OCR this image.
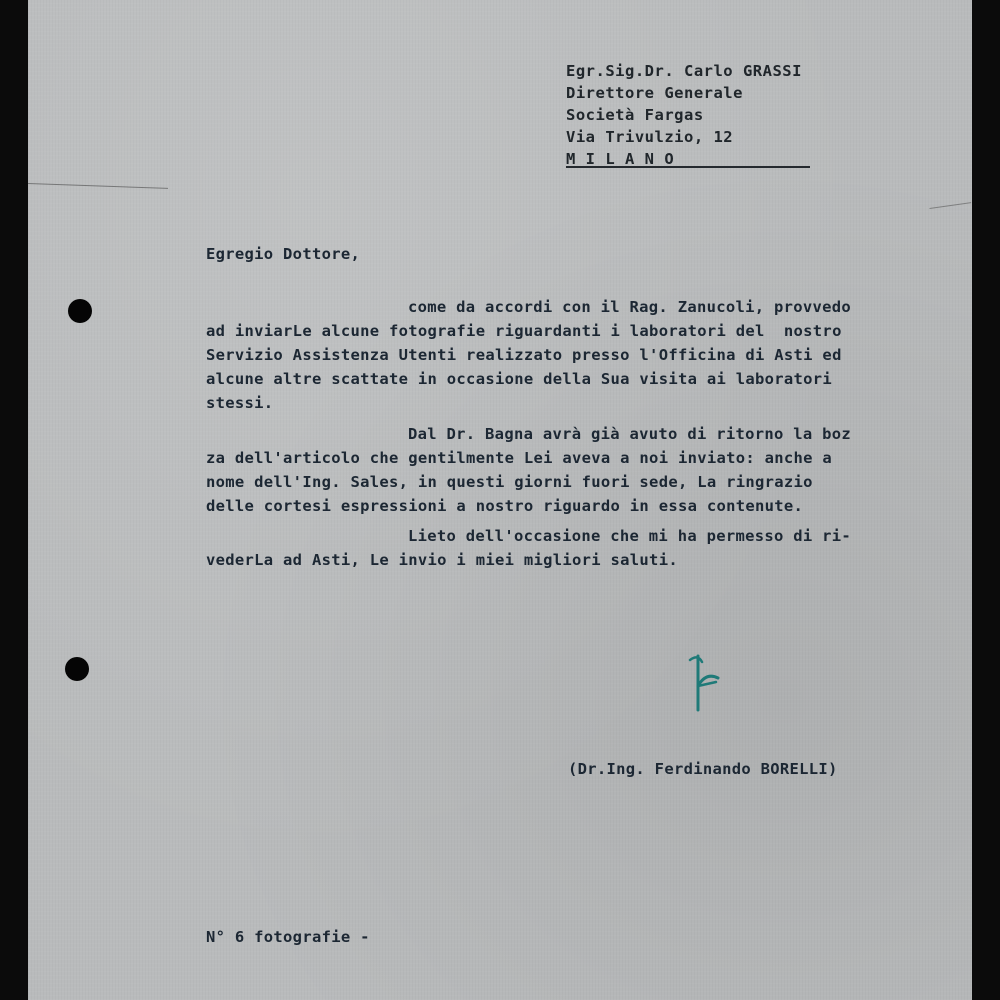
Egr.Sig.Dr. Carlo GRASSI

Direttore Generale

Società Fargas

Via Trivulzio, 12

M I L A N O

Egregio Dottore,

come da accordi con il Rag. Zanucoli, provvedo

ad inviarLe alcune fotografie riguardanti i laboratori del  nostro

Servizio Assistenza Utenti realizzato presso l'Officina di Asti ed

alcune altre scattate in occasione della Sua visita ai laboratori

stessi.

Dal Dr. Bagna avrà già avuto di ritorno la boz

za dell'articolo che gentilmente Lei aveva a noi inviato: anche a

nome dell'Ing. Sales, in questi giorni fuori sede, La ringrazio

delle cortesi espressioni a nostro riguardo in essa contenute.

Lieto dell'occasione che mi ha permesso di ri-

vederLa ad Asti, Le invio i miei migliori saluti.

(Dr.Ing. Ferdinando BORELLI)

N° 6 fotografie -
